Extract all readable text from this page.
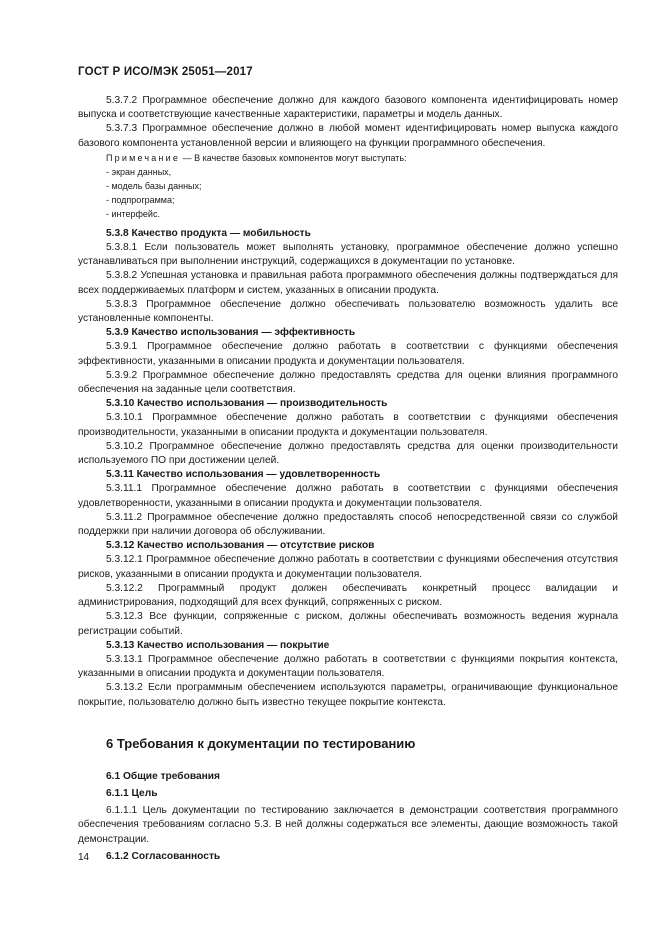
ГОСТ Р ИСО/МЭК 25051—2017

5.3.7.2 Программное обеспечение должно для каждого базового компонента идентифицировать номер выпуска и соответствующие качественные характеристики, параметры и модель данных.

5.3.7.3 Программное обеспечение должно в любой момент идентифицировать номер выпуска каждого базового компонента установленной версии и влияющего на функции программного обеспечения.

Примечание — В качестве базовых компонентов могут выступать:

- экран данных,

- модель базы данных;

- подпрограмма;

- интерфейс.

5.3.8 Качество продукта — мобильность

5.3.8.1 Если пользователь может выполнять установку, программное обеспечение должно успешно устанавливаться при выполнении инструкций, содержащихся в документации по установке.

5.3.8.2 Успешная установка и правильная работа программного обеспечения должны подтверждаться для всех поддерживаемых платформ и систем, указанных в описании продукта.

5.3.8.3 Программное обеспечение должно обеспечивать пользователю возможность удалить все установленные компоненты.

5.3.9 Качество использования — эффективность

5.3.9.1 Программное обеспечение должно работать в соответствии с функциями обеспечения эффективности, указанными в описании продукта и документации пользователя.

5.3.9.2 Программное обеспечение должно предоставлять средства для оценки влияния программного обеспечения на заданные цели соответствия.

5.3.10 Качество использования — производительность

5.3.10.1 Программное обеспечение должно работать в соответствии с функциями обеспечения производительности, указанными в описании продукта и документации пользователя.

5.3.10.2 Программное обеспечение должно предоставлять средства для оценки производительности используемого ПО при достижении целей.

5.3.11 Качество использования — удовлетворенность

5.3.11.1 Программное обеспечение должно работать в соответствии с функциями обеспечения удовлетворенности, указанными в описании продукта и документации пользователя.

5.3.11.2 Программное обеспечение должно предоставлять способ непосредственной связи со службой поддержки при наличии договора об обслуживании.

5.3.12 Качество использования — отсутствие рисков

5.3.12.1 Программное обеспечение должно работать в соответствии с функциями обеспечения отсутствия рисков, указанными в описании продукта и документации пользователя.

5.3.12.2 Программный продукт должен обеспечивать конкретный процесс валидации и администрирования, подходящий для всех функций, сопряженных с риском.

5.3.12.3 Все функции, сопряженные с риском, должны обеспечивать возможность ведения журнала регистрации событий.

5.3.13 Качество использования — покрытие

5.3.13.1 Программное обеспечение должно работать в соответствии с функциями покрытия контекста, указанными в описании продукта и документации пользователя.

5.3.13.2 Если программным обеспечением используются параметры, ограничивающие функциональное покрытие, пользователю должно быть известно текущее покрытие контекста.

6 Требования к документации по тестированию

6.1 Общие требования

6.1.1 Цель

6.1.1.1 Цель документации по тестированию заключается в демонстрации соответствия программного обеспечения требованиям согласно 5.3. В ней должны содержаться все элементы, дающие возможность такой демонстрации.

6.1.2 Согласованность

14
